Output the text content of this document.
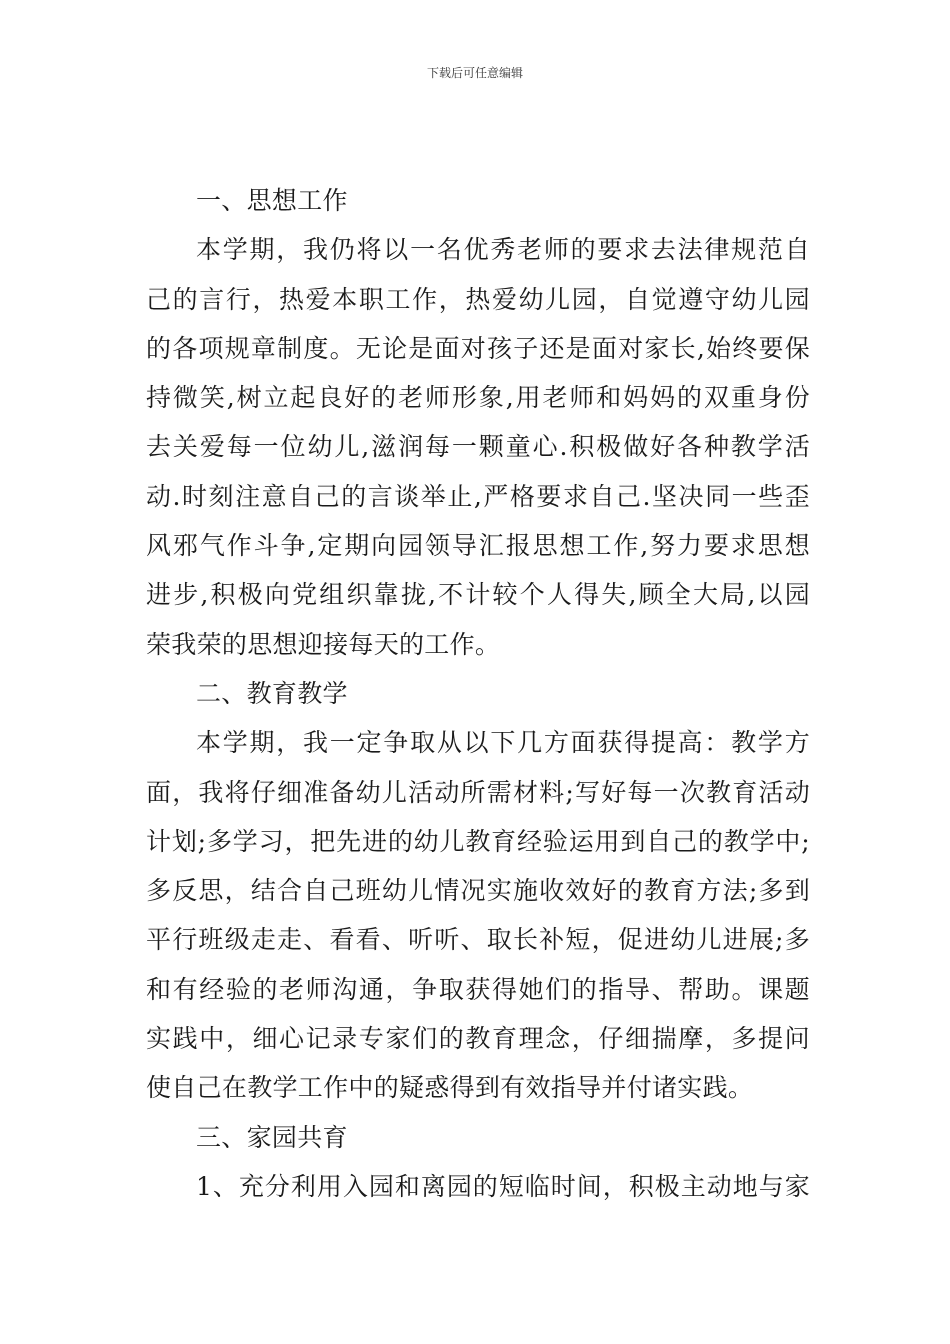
下载后可任意编辑
一、思想工作
本学期，我仍将以一名优秀老师的要求去法律规范自
己的言行，热爱本职工作，热爱幼儿园，自觉遵守幼儿园
的各项规章制度。无论是面对孩子还是面对家长,始终要保
持微笑,树立起良好的老师形象,用老师和妈妈的双重身份
去关爱每一位幼儿,滋润每一颗童心.积极做好各种教学活
动.时刻注意自己的言谈举止,严格要求自己.坚决同一些歪
风邪气作斗争,定期向园领导汇报思想工作,努力要求思想
进步,积极向党组织靠拢,不计较个人得失,顾全大局,以园
荣我荣的思想迎接每天的工作。
二、教育教学
本学期，我一定争取从以下几方面获得提高：教学方
面，我将仔细准备幼儿活动所需材料;写好每一次教育活动
计划;多学习，把先进的幼儿教育经验运用到自己的教学中;
多反思，结合自己班幼儿情况实施收效好的教育方法;多到
平行班级走走、看看、听听、取长补短，促进幼儿进展;多
和有经验的老师沟通，争取获得她们的指导、帮助。课题
实践中，细心记录专家们的教育理念，仔细揣摩，多提问
使自己在教学工作中的疑惑得到有效指导并付诸实践。
三、家园共育
1、充分利用入园和离园的短临时间，积极主动地与家
